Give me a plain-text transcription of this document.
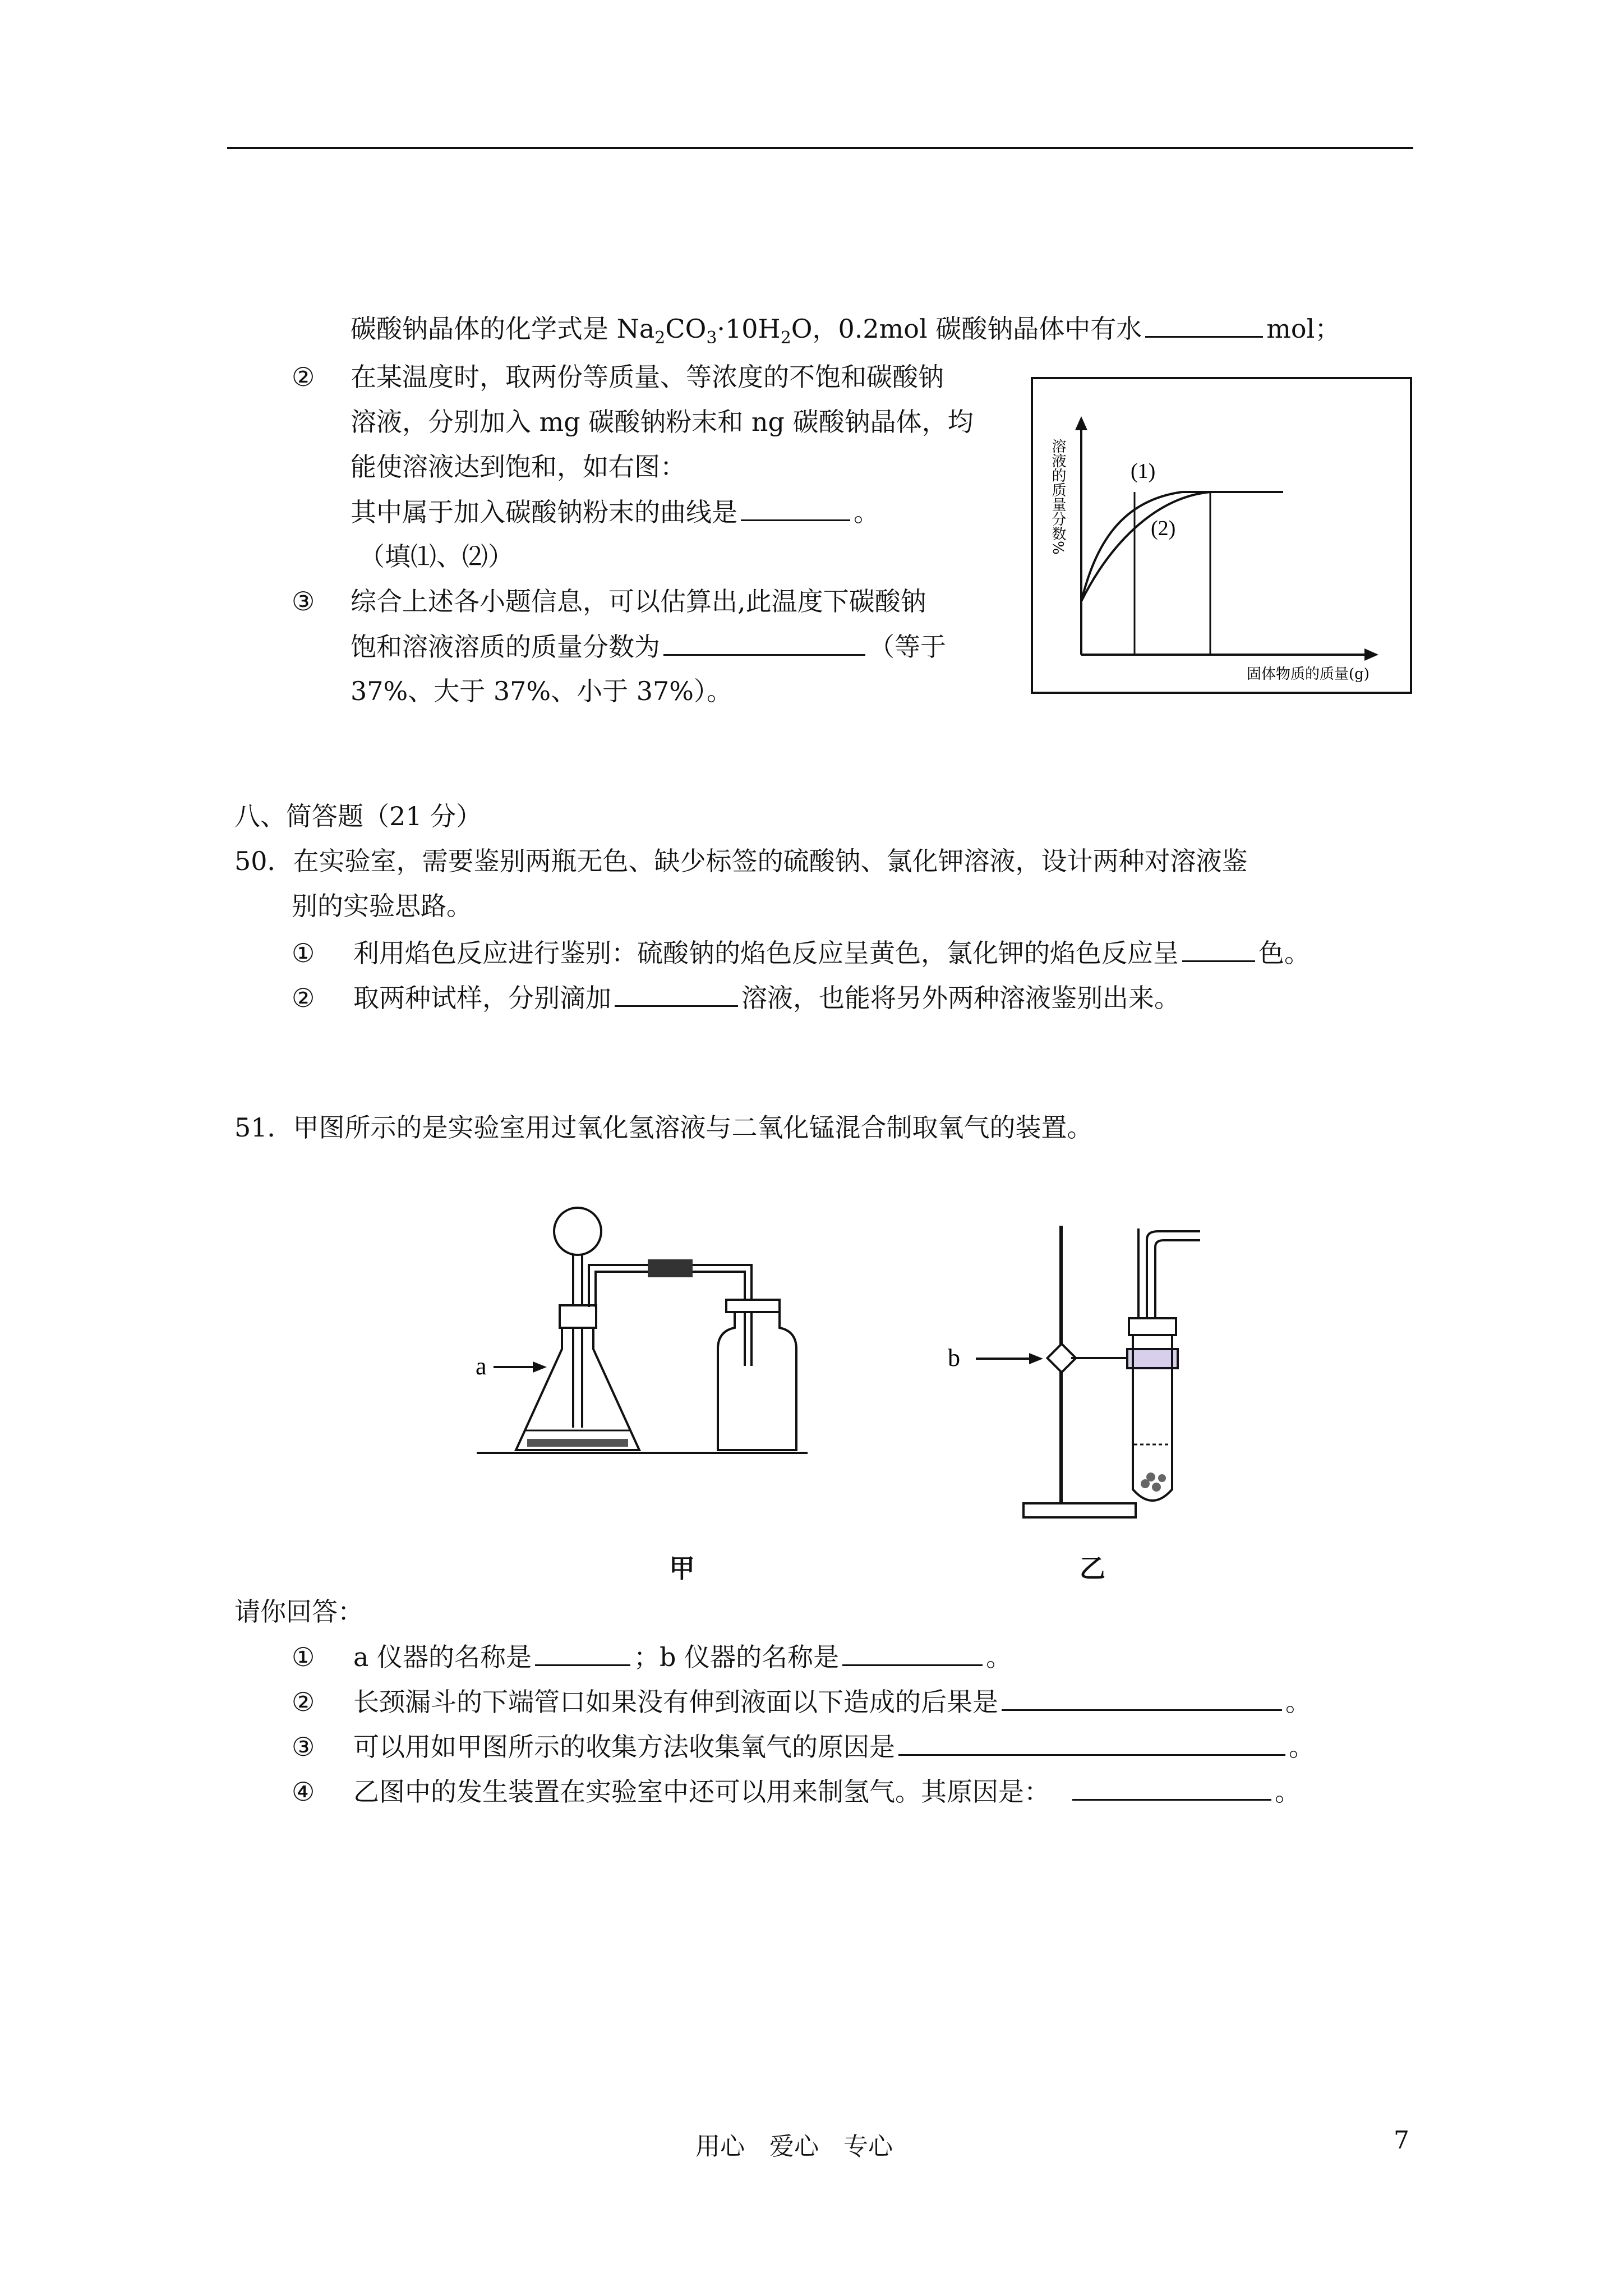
碳酸钠晶体的化学式是 $Na_2CO_3\cdot 10H_2O$，0.2mol 碳酸钠晶体中有水	mol；
② 在某温度时，取两份等质量、等浓度的不饱和碳酸钠
溶液，分别加入 mg 碳酸钠粉末和 ng 碳酸钠晶体，均
能使溶液达到饱和，如右图：
其中属于加入碳酸钠粉末的曲线是	。
（填⑴、⑵）
③ 综合上述各小题信息，可以估算出,此温度下碳酸钠
饱和溶液溶质的质量分数为	（等于
37%、大于 37%、小于 37%）。
(1)
(2)
固体物质的质量(g)
溶液的质量分数%
八、简答题（21 分）
50．在实验室，需要鉴别两瓶无色、缺少标签的硫酸钠、氯化钾溶液，设计两种对溶液鉴
别的实验思路。
① 利用焰色反应进行鉴别：硫酸钠的焰色反应呈黄色，氯化钾的焰色反应呈	色。
② 取两种试样，分别滴加	溶液，也能将另外两种溶液鉴别出来。
51．甲图所示的是实验室用过氧化氢溶液与二氧化锰混合制取氧气的装置。
a	b
甲	乙
请你回答：
① a 仪器的名称是	；b 仪器的名称是	。
② 长颈漏斗的下端管口如果没有伸到液面以下造成的后果是	。
③ 可以用如甲图所示的收集方法收集氧气的原因是	。
④ 乙图中的发生装置在实验室中还可以用来制氢气。其原因是：	。
用心　爱心　专心	7
